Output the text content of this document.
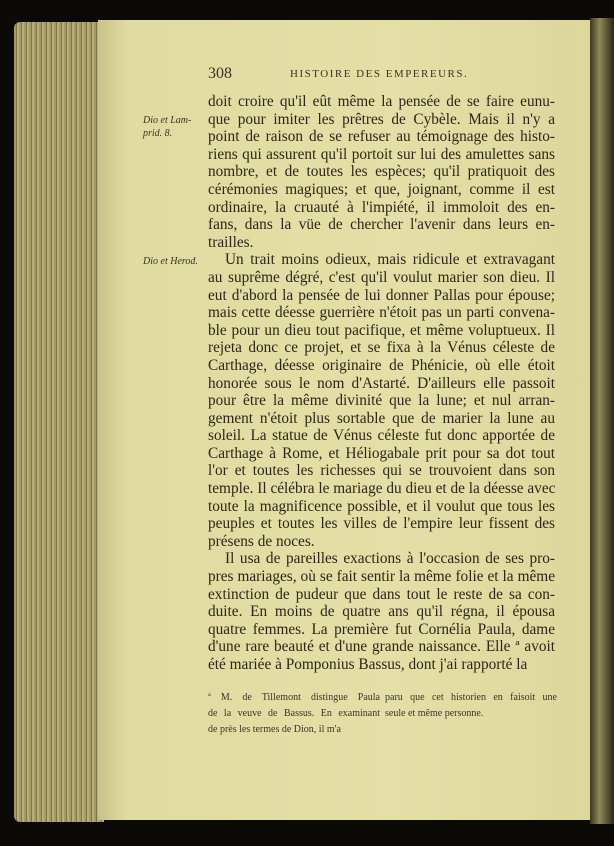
308	HISTOIRE DES EMPEREURS.
Dio et Lam-
prid. 8.
Dio et Herod.
doit croire qu'il eût même la pensée de se faire eunu-
que pour imiter les prêtres de Cybèle. Mais il n'y a
point de raison de se refuser au témoignage des histo-
riens qui assurent qu'il portoit sur lui des amulettes sans
nombre, et de toutes les espèces; qu'il pratiquoit des
cérémonies magiques; et que, joignant, comme il est
ordinaire, la cruauté à l'impiété, il immoloit des en-
fans, dans la vüe de chercher l'avenir dans leurs en-
trailles.
Un trait moins odieux, mais ridicule et extravagant
au suprême dégré, c'est qu'il voulut marier son dieu. Il
eut d'abord la pensée de lui donner Pallas pour épouse;
mais cette déesse guerrière n'étoit pas un parti convena-
ble pour un dieu tout pacifique, et même voluptueux. Il
rejeta donc ce projet, et se fixa à la Vénus céleste de
Carthage, déesse originaire de Phénicie, où elle étoit
honorée sous le nom d'Astarté. D'ailleurs elle passoit
pour être la même divinité que la lune; et nul arran-
gement n'étoit plus sortable que de marier la lune au
soleil. La statue de Vénus céleste fut donc apportée de
Carthage à Rome, et Héliogabale prit pour sa dot tout
l'or et toutes les richesses qui se trouvoient dans son
temple. Il célébra le mariage du dieu et de la déesse avec
toute la magnificence possible, et il voulut que tous les
peuples et toutes les villes de l'empire leur fissent des
présens de noces.
Il usa de pareilles exactions à l'occasion de ses pro-
pres mariages, où se fait sentir la même folie et la même
extinction de pudeur que dans tout le reste de sa con-
duite. En moins de quatre ans qu'il régna, il épousa
quatre femmes. La première fut Cornélia Paula, dame
d'une rare beauté et d'une grande naissance. Elle ª avoit
été mariée à Pomponius Bassus, dont j'ai rapporté la
ª M. de Tillemont distingue Paula
de la veuve de Bassus. En examinant
de près les termes de Dion, il m'a
paru que cet historien en faisoit une
seule et même personne.
